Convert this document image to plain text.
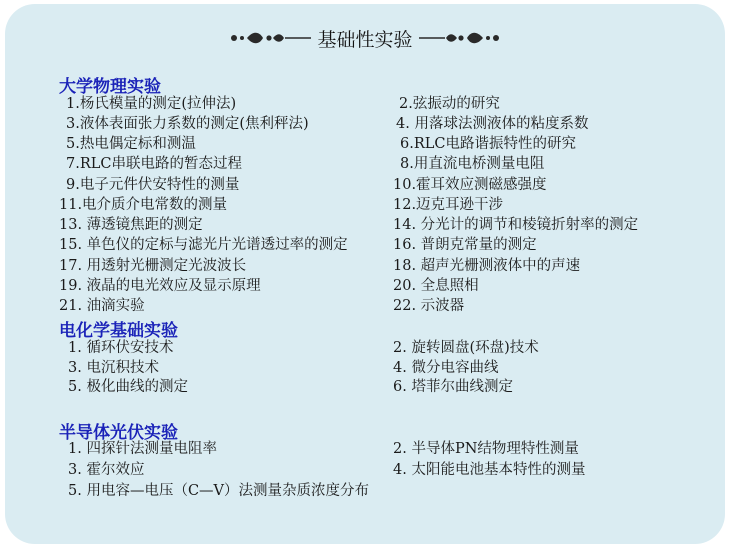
基础性实验
大学物理实验
1.杨氏模量的测定(拉伸法)	2.弦振动的研究
3.液体表面张力系数的测定(焦利秤法)	4. 用落球法测液体的粘度系数
5.热电偶定标和测温	6.RLC电路谐振特性的研究
7.RLC串联电路的暂态过程	8.用直流电桥测量电阻
9.电子元件伏安特性的测量	10.霍耳效应测磁感强度
11.电介质介电常数的测量	12.迈克耳逊干涉
13. 薄透镜焦距的测定	14. 分光计的调节和棱镜折射率的测定
15. 单色仪的定标与滤光片光谱透过率的测定	16. 普朗克常量的测定
17. 用透射光栅测定光波波长	18. 超声光栅测液体中的声速
19. 液晶的电光效应及显示原理	20. 全息照相
21. 油滴实验	22. 示波器
电化学基础实验
1. 循环伏安技术	2. 旋转圆盘(环盘)技术
3. 电沉积技术	4. 微分电容曲线
5. 极化曲线的测定	6. 塔菲尔曲线测定
半导体光伏实验
1. 四探针法测量电阻率	2. 半导体PN结物理特性测量
3. 霍尔效应	4. 太阳能电池基本特性的测量
5. 用电容—电压（C—V）法测量杂质浓度分布
